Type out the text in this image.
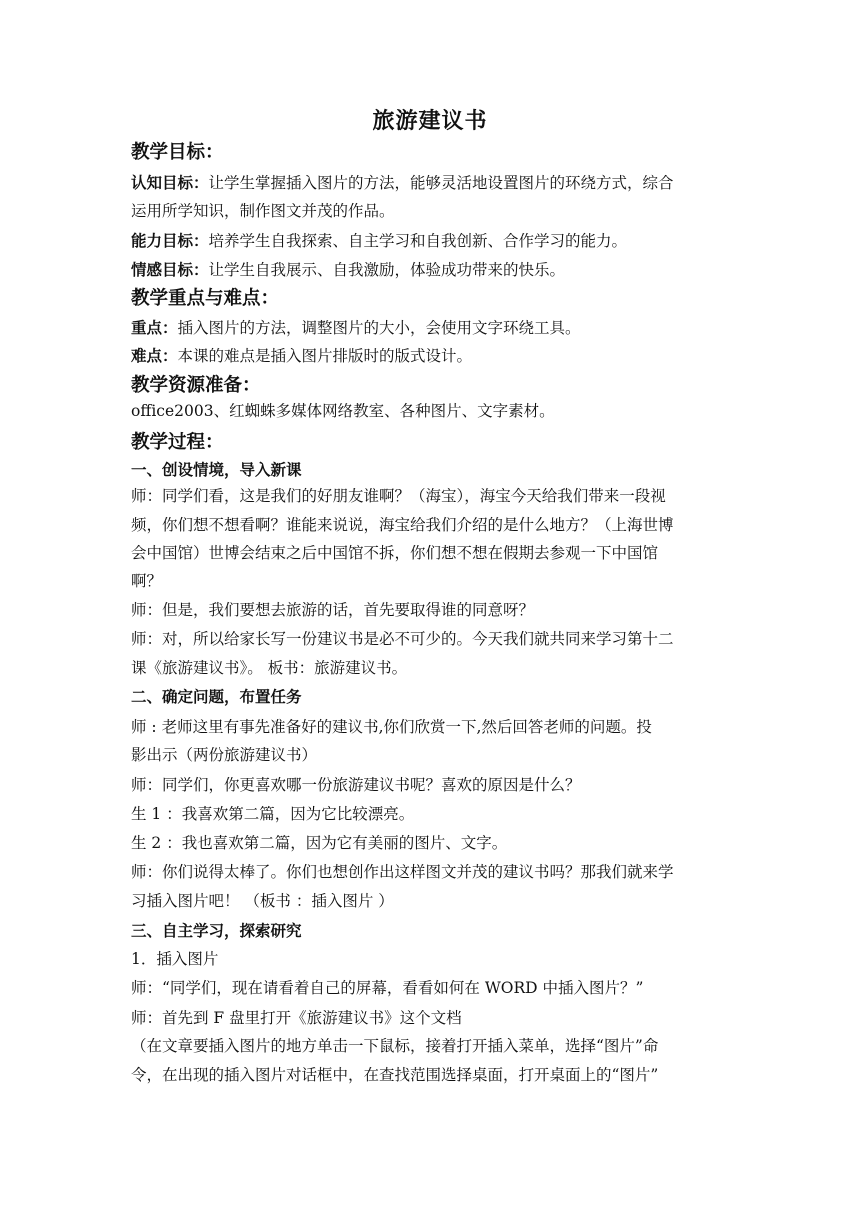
旅游建议书
教学目标：
认知目标：让学生掌握插入图片的方法，能够灵活地设置图片的环绕方式，综合
运用所学知识，制作图文并茂的作品。
能力目标：培养学生自我探索、自主学习和自我创新、合作学习的能力。
情感目标：让学生自我展示、自我激励，体验成功带来的快乐。
教学重点与难点：
重点：插入图片的方法，调整图片的大小，会使用文字环绕工具。
难点：本课的难点是插入图片排版时的版式设计。
教学资源准备：
office2003、红蜘蛛多媒体网络教室、各种图片、文字素材。
教学过程：
一、创设情境，导入新课
师：同学们看，这是我们的好朋友谁啊？（海宝），海宝今天给我们带来一段视
频，你们想不想看啊？谁能来说说，海宝给我们介绍的是什么地方？（上海世博
会中国馆）世博会结束之后中国馆不拆，你们想不想在假期去参观一下中国馆
啊？
师：但是，我们要想去旅游的话，首先要取得谁的同意呀？
师：对，所以给家长写一份建议书是必不可少的。今天我们就共同来学习第十二
课《旅游建议书》。 板书：旅游建议书。
二、确定问题，布置任务
师 : 老师这里有事先准备好的建议书,你们欣赏一下,然后回答老师的问题。投
影出示（两份旅游建议书）
师：同学们，你更喜欢哪一份旅游建议书呢？喜欢的原因是什么？
生 1 ：我喜欢第二篇，因为它比较漂亮。
生 2 ：我也喜欢第二篇，因为它有美丽的图片、文字。
师：你们说得太棒了。你们也想创作出这样图文并茂的建议书吗？那我们就来学
习插入图片吧！ （板书 ：插入图片 ）
三、自主学习，探索研究
1．插入图片
师：“同学们，现在请看着自己的屏幕，看看如何在 WORD 中插入图片？”
师：首先到 F 盘里打开《旅游建议书》这个文档
（在文章要插入图片的地方单击一下鼠标，接着打开插入菜单，选择“图片”命
令，在出现的插入图片对话框中，在查找范围选择桌面，打开桌面上的“图片”
